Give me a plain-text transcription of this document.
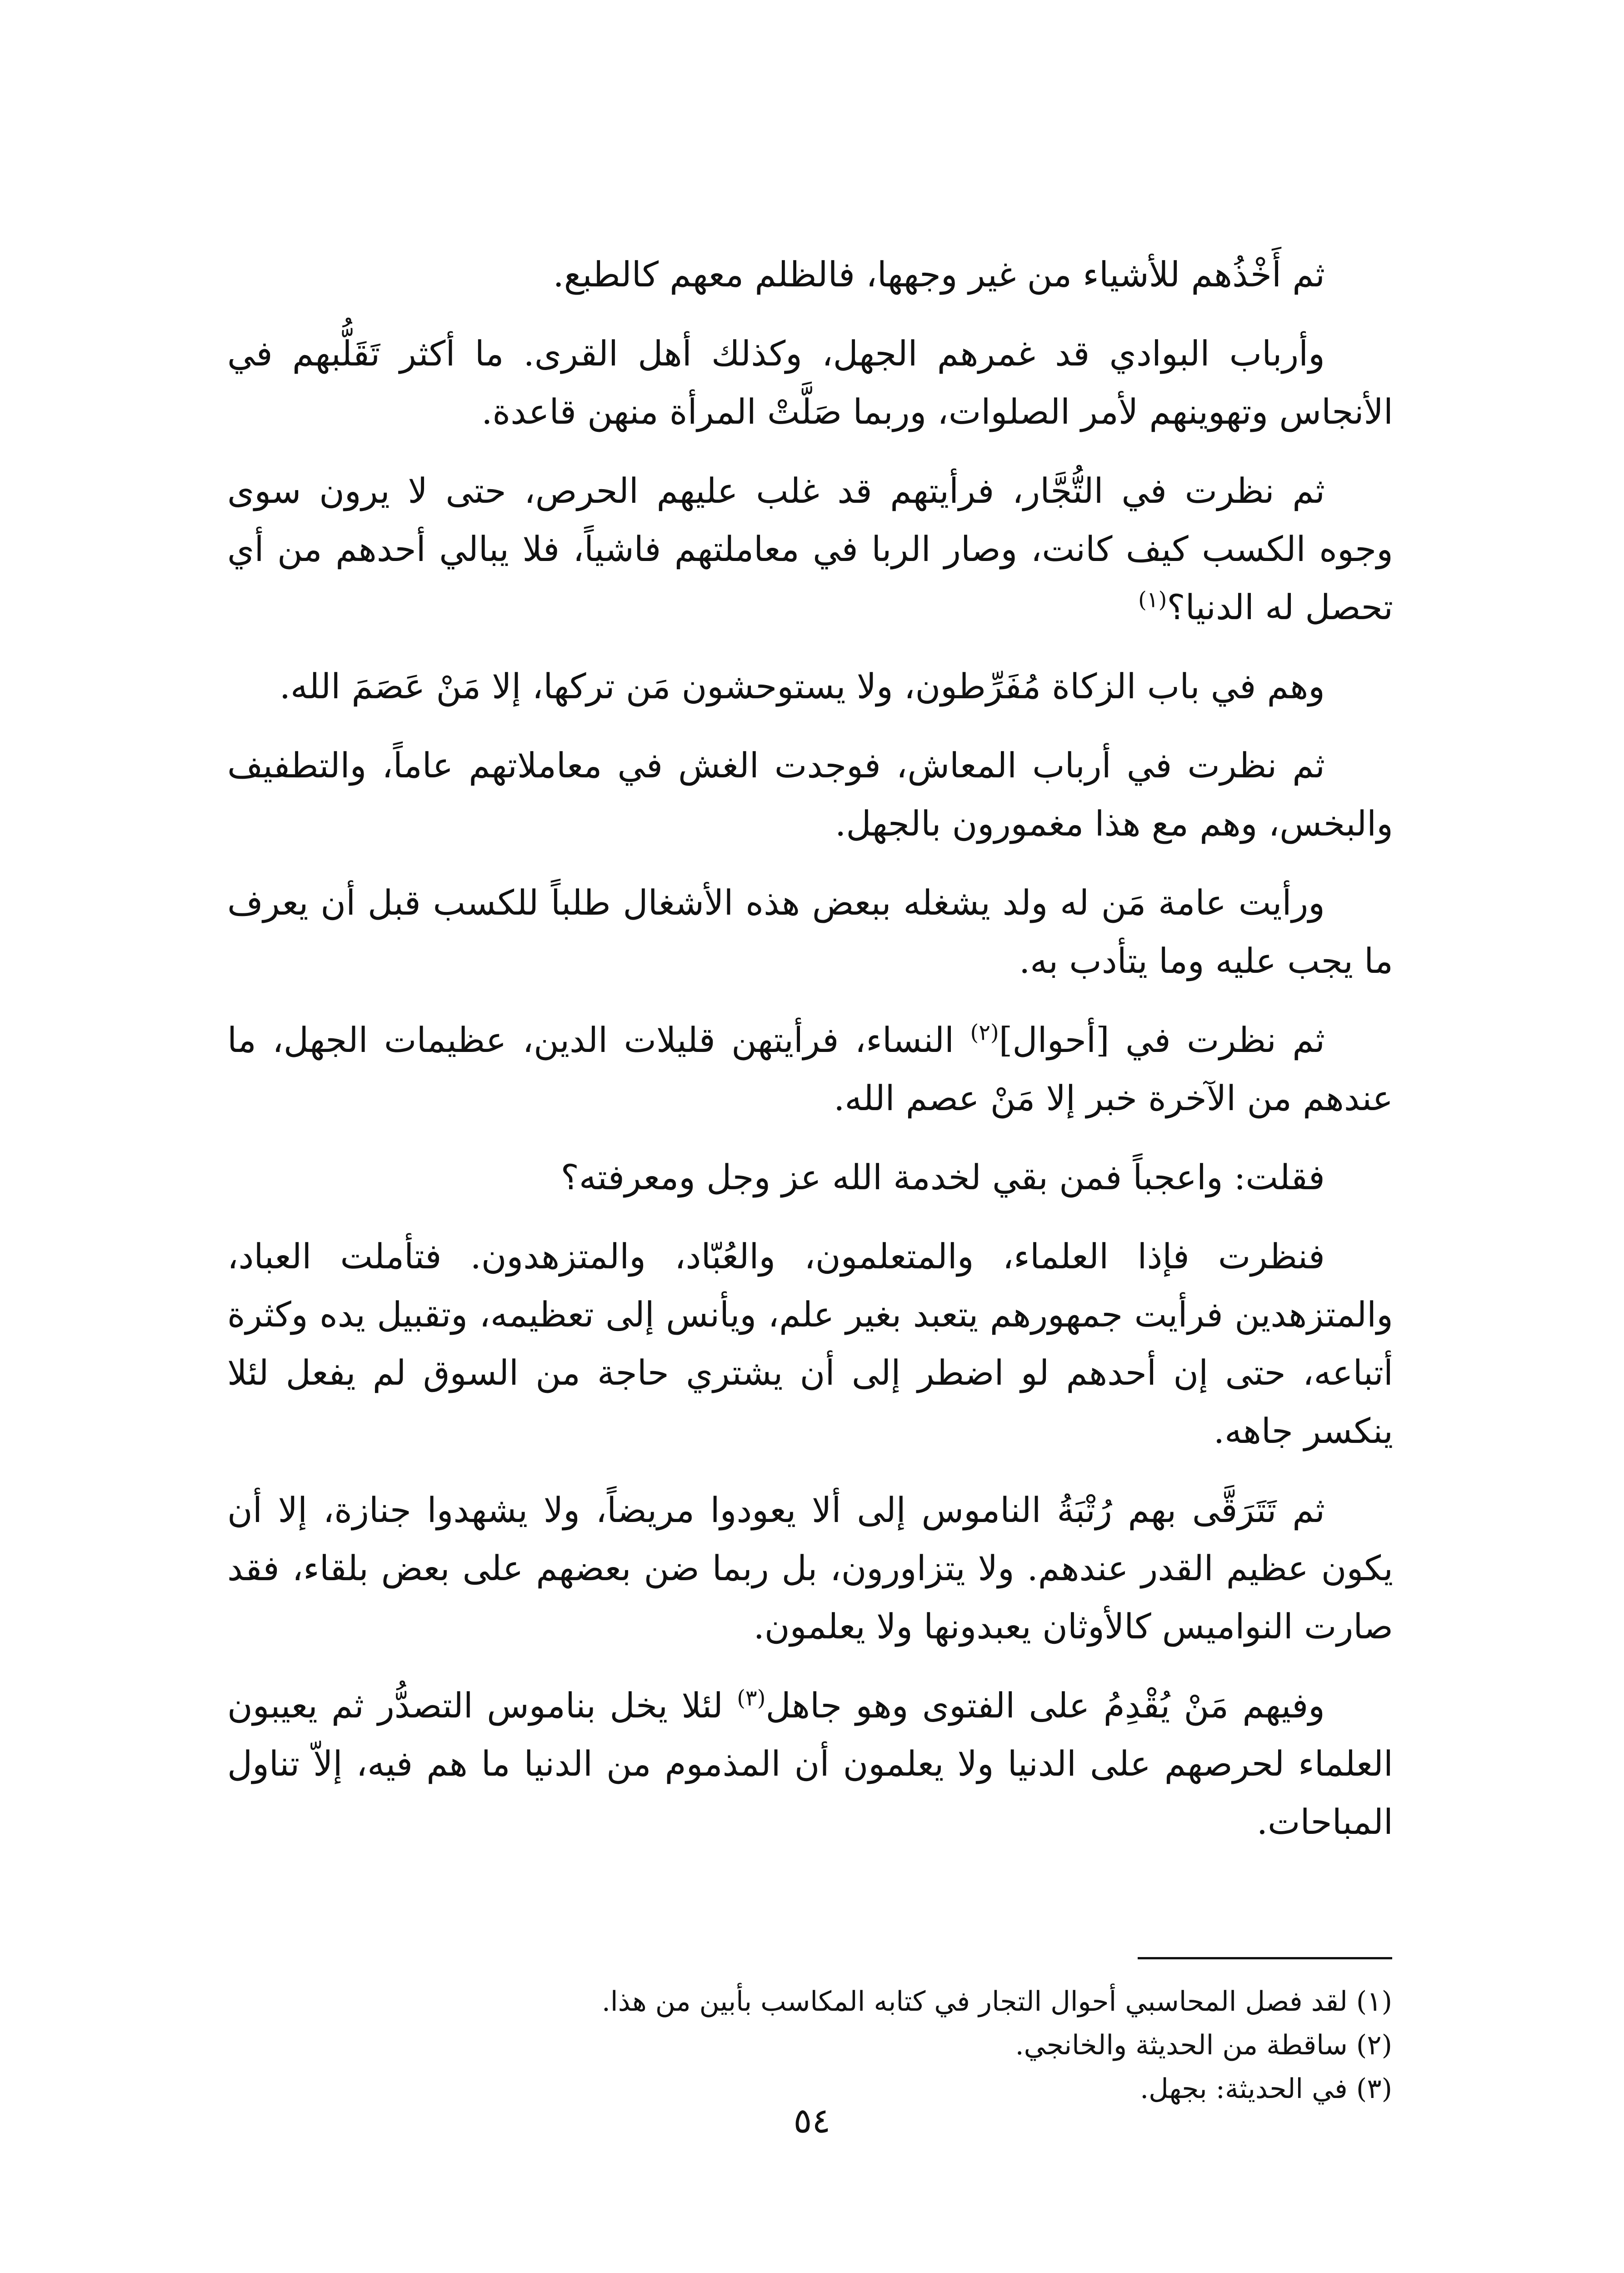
ثم أَخْذُهم للأشياء من غير وجهها، فالظلم معهم كالطبع.

وأرباب البوادي قد غمرهم الجهل، وكذلك أهل القرى. ما أكثر تَقَلُّبهم في الأنجاس وتهوينهم لأمر الصلوات، وربما صَلَّتْ المرأة منهن قاعدة.

ثم نظرت في التُّجَّار، فرأيتهم قد غلب عليهم الحرص، حتى لا يرون سوى وجوه الكسب كيف كانت، وصار الربا في معاملتهم فاشياً، فلا يبالي أحدهم من أي تحصل له الدنيا؟$^{(١)}$

وهم في باب الزكاة مُفَرِّطون، ولا يستوحشون مَن تركها، إلا مَنْ عَصَمَ الله.

ثم نظرت في أرباب المعاش، فوجدت الغش في معاملاتهم عاماً، والتطفيف والبخس، وهم مع هذا مغمورون بالجهل.

ورأيت عامة مَن له ولد يشغله ببعض هذه الأشغال طلباً للكسب قبل أن يعرف ما يجب عليه وما يتأدب به.

ثم نظرت في [أحوال]$^{(٢)}$ النساء، فرأيتهن قليلات الدين، عظيمات الجهل، ما عندهم من الآخرة خبر إلا مَنْ عصم الله.

فقلت: واعجباً فمن بقي لخدمة الله عز وجل ومعرفته؟

فنظرت فإذا العلماء، والمتعلمون، والعُبّاد، والمتزهدون. فتأملت العباد، والمتزهدين فرأيت جمهورهم يتعبد بغير علم، ويأنس إلى تعظيمه، وتقبيل يده وكثرة أتباعه، حتى إن أحدهم لو اضطر إلى أن يشتري حاجة من السوق لم يفعل لئلا ينكسر جاهه.

ثم تَتَرَقَّى بهم رُتْبَةُ الناموس إلى ألا يعودوا مريضاً، ولا يشهدوا جنازة، إلا أن يكون عظيم القدر عندهم. ولا يتزاورون، بل ربما ضن بعضهم على بعض بلقاء، فقد صارت النواميس كالأوثان يعبدونها ولا يعلمون.

وفيهم مَنْ يُقْدِمُ على الفتوى وهو جاهل$^{(٣)}$ لئلا يخل بناموس التصدُّر ثم يعيبون العلماء لحرصهم على الدنيا ولا يعلمون أن المذموم من الدنيا ما هم فيه، إلاّ تناول المباحات.

(١) لقد فصل المحاسبي أحوال التجار في كتابه المكاسب بأبين من هذا.

(٢) ساقطة من الحديثة والخانجي.

(٣) في الحديثة: بجهل.

٥٤
